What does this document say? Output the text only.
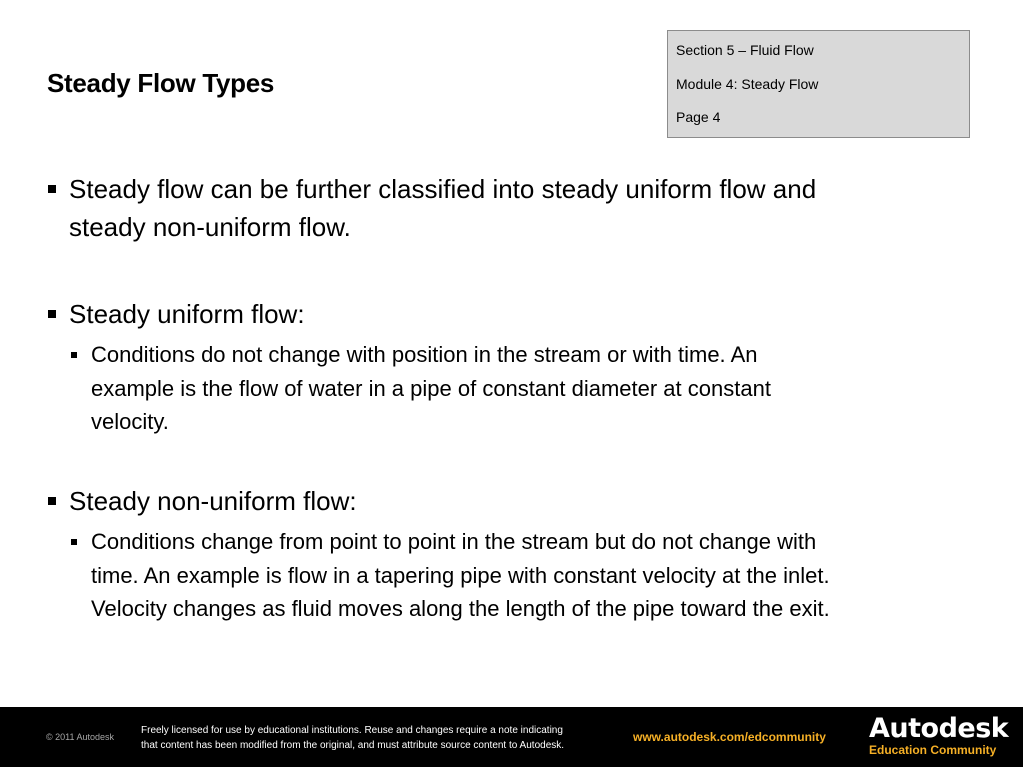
Steady Flow Types
Section 5 – Fluid Flow
Module 4: Steady Flow
Page 4
Steady flow can be further classified into steady uniform flow and
steady non-uniform flow.
Steady uniform flow:
Conditions do not change with position in the stream or with time. An
example is the flow of water in a pipe of constant diameter at constant
velocity.
Steady non-uniform flow:
Conditions change from point to point in the stream but do not change with
time. An example is flow in a tapering pipe with constant velocity at the inlet.
Velocity changes as fluid moves along the length of the pipe toward the exit.
© 2011 Autodesk
Freely licensed for use by educational institutions. Reuse and changes require a note indicating
that content has been modified from the original, and must attribute source content to Autodesk.
www.autodesk.com/edcommunity Autodesk
Education Community
